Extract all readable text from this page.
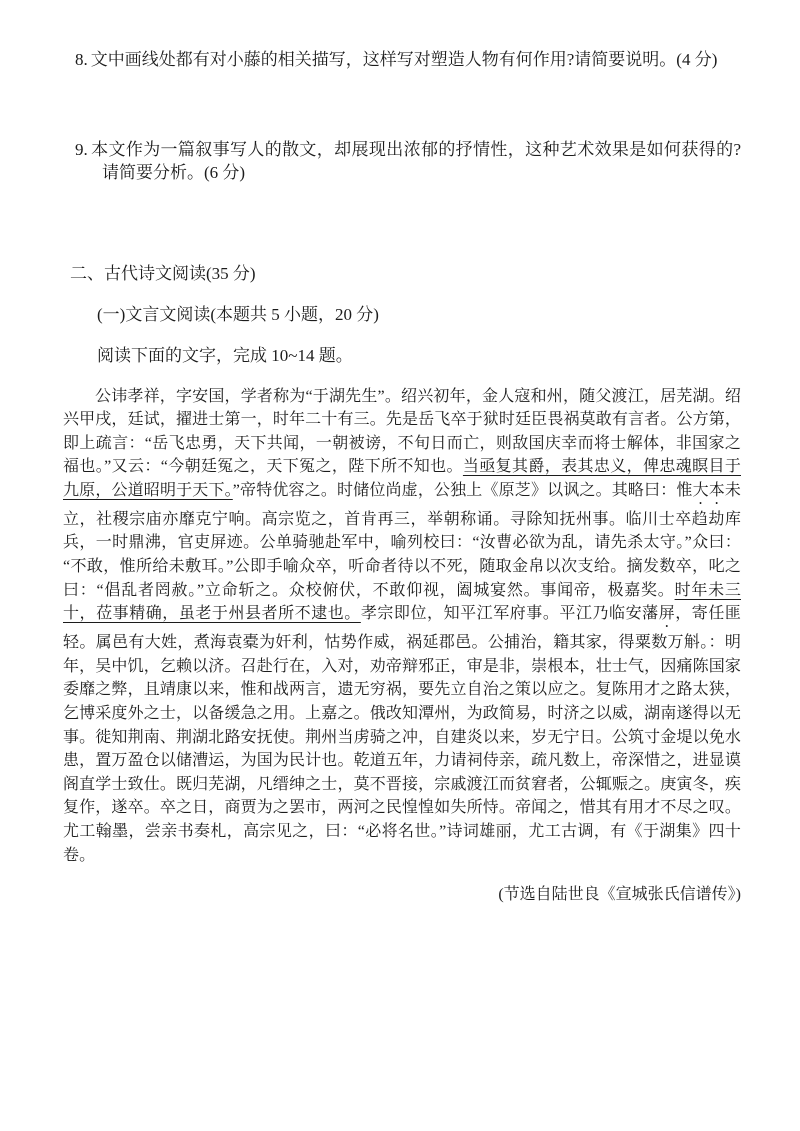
8. 文中画线处都有对小藤的相关描写，这样写对塑造人物有何作用?请简要说明。(4 分)

9. 本文作为一篇叙事写人的散文，却展现出浓郁的抒情性，这种艺术效果是如何获得的?请简要分析。(6 分)

二、古代诗文阅读(35 分)

(一)文言文阅读(本题共 5 小题，20 分)

阅读下面的文字，完成 10~14 题。

公讳孝祥，字安国，学者称为“于湖先生”。绍兴初年，金人寇和州，随父渡江，居芜湖。绍兴甲戌，廷试，擢进士第一，时年二十有三。先是岳飞卒于狱时廷臣畏祸莫敢有言者。公方第，即上疏言：“岳飞忠勇，天下共闻，一朝被谤，不旬日而亡，则敌国庆幸而将士解体，非国家之福也。”又云：“今朝廷冤之，天下冤之，陛下所不知也。当亟复其爵，表其忠义，俾忠魂瞑目于九原，公道昭明于天下。”帝特优容之。时储位尚虚，公独上《原芝》以讽之。其略曰：惟大本未立，社稷宗庙亦靡克宁响。高宗览之，首肯再三，举朝称诵。寻除知抚州事。临川士卒趋劫库兵，一时鼎沸，官吏屏迹。公单骑驰赴军中，喻列校曰：“汝曹必欲为乱，请先杀太守。”众曰：“不敢，惟所给未敷耳。”公即手喻众卒，听命者待以不死，随取金帛以次支给。摘发数卒，叱之曰：“倡乱者罔赦。”立命斩之。众校俯伏，不敢仰视，阖城宴然。事闻帝，极嘉奖。时年未三十，莅事精确，虽老于州县者所不逮也。孝宗即位，知平江军府事。平江乃临安藩屏，寄任匪轻。属邑有大姓，煮海袁橐为奸利，怙势作威，祸延郡邑。公捕治，籍其家，得粟数万斛。：明年，吴中饥，乞赖以济。召赴行在，入对，劝帝辩邪正，审是非，崇根本，壮士气，因痛陈国家委靡之弊，且靖康以来，惟和战两言，遗无穷祸，要先立自治之策以应之。复陈用才之路太狭，乞博采度外之士，以备缓急之用。上嘉之。俄改知潭州，为政简易，时济之以威，湖南遂得以无事。徙知荆南、荆湖北路安抚使。荆州当虏骑之冲，自建炎以来，岁无宁日。公筑寸金堤以免水患，置万盈仓以储漕运，为国为民计也。乾道五年，力请祠侍亲，疏凡数上，帝深惜之，进显谟阁直学士致仕。既归芜湖，凡缙绅之士，莫不晋接，宗戚渡江而贫窘者，公辄赈之。庚寅冬，疾复作，遂卒。卒之日，商贾为之罢市，两河之民惶惶如失所恃。帝闻之，惜其有用才不尽之叹。尤工翰墨，尝亲书奏札，高宗见之，曰：“必将名世。”诗词雄丽，尤工古调，有《于湖集》四十卷。

(节选自陆世良《宣城张氏信谱传》)
